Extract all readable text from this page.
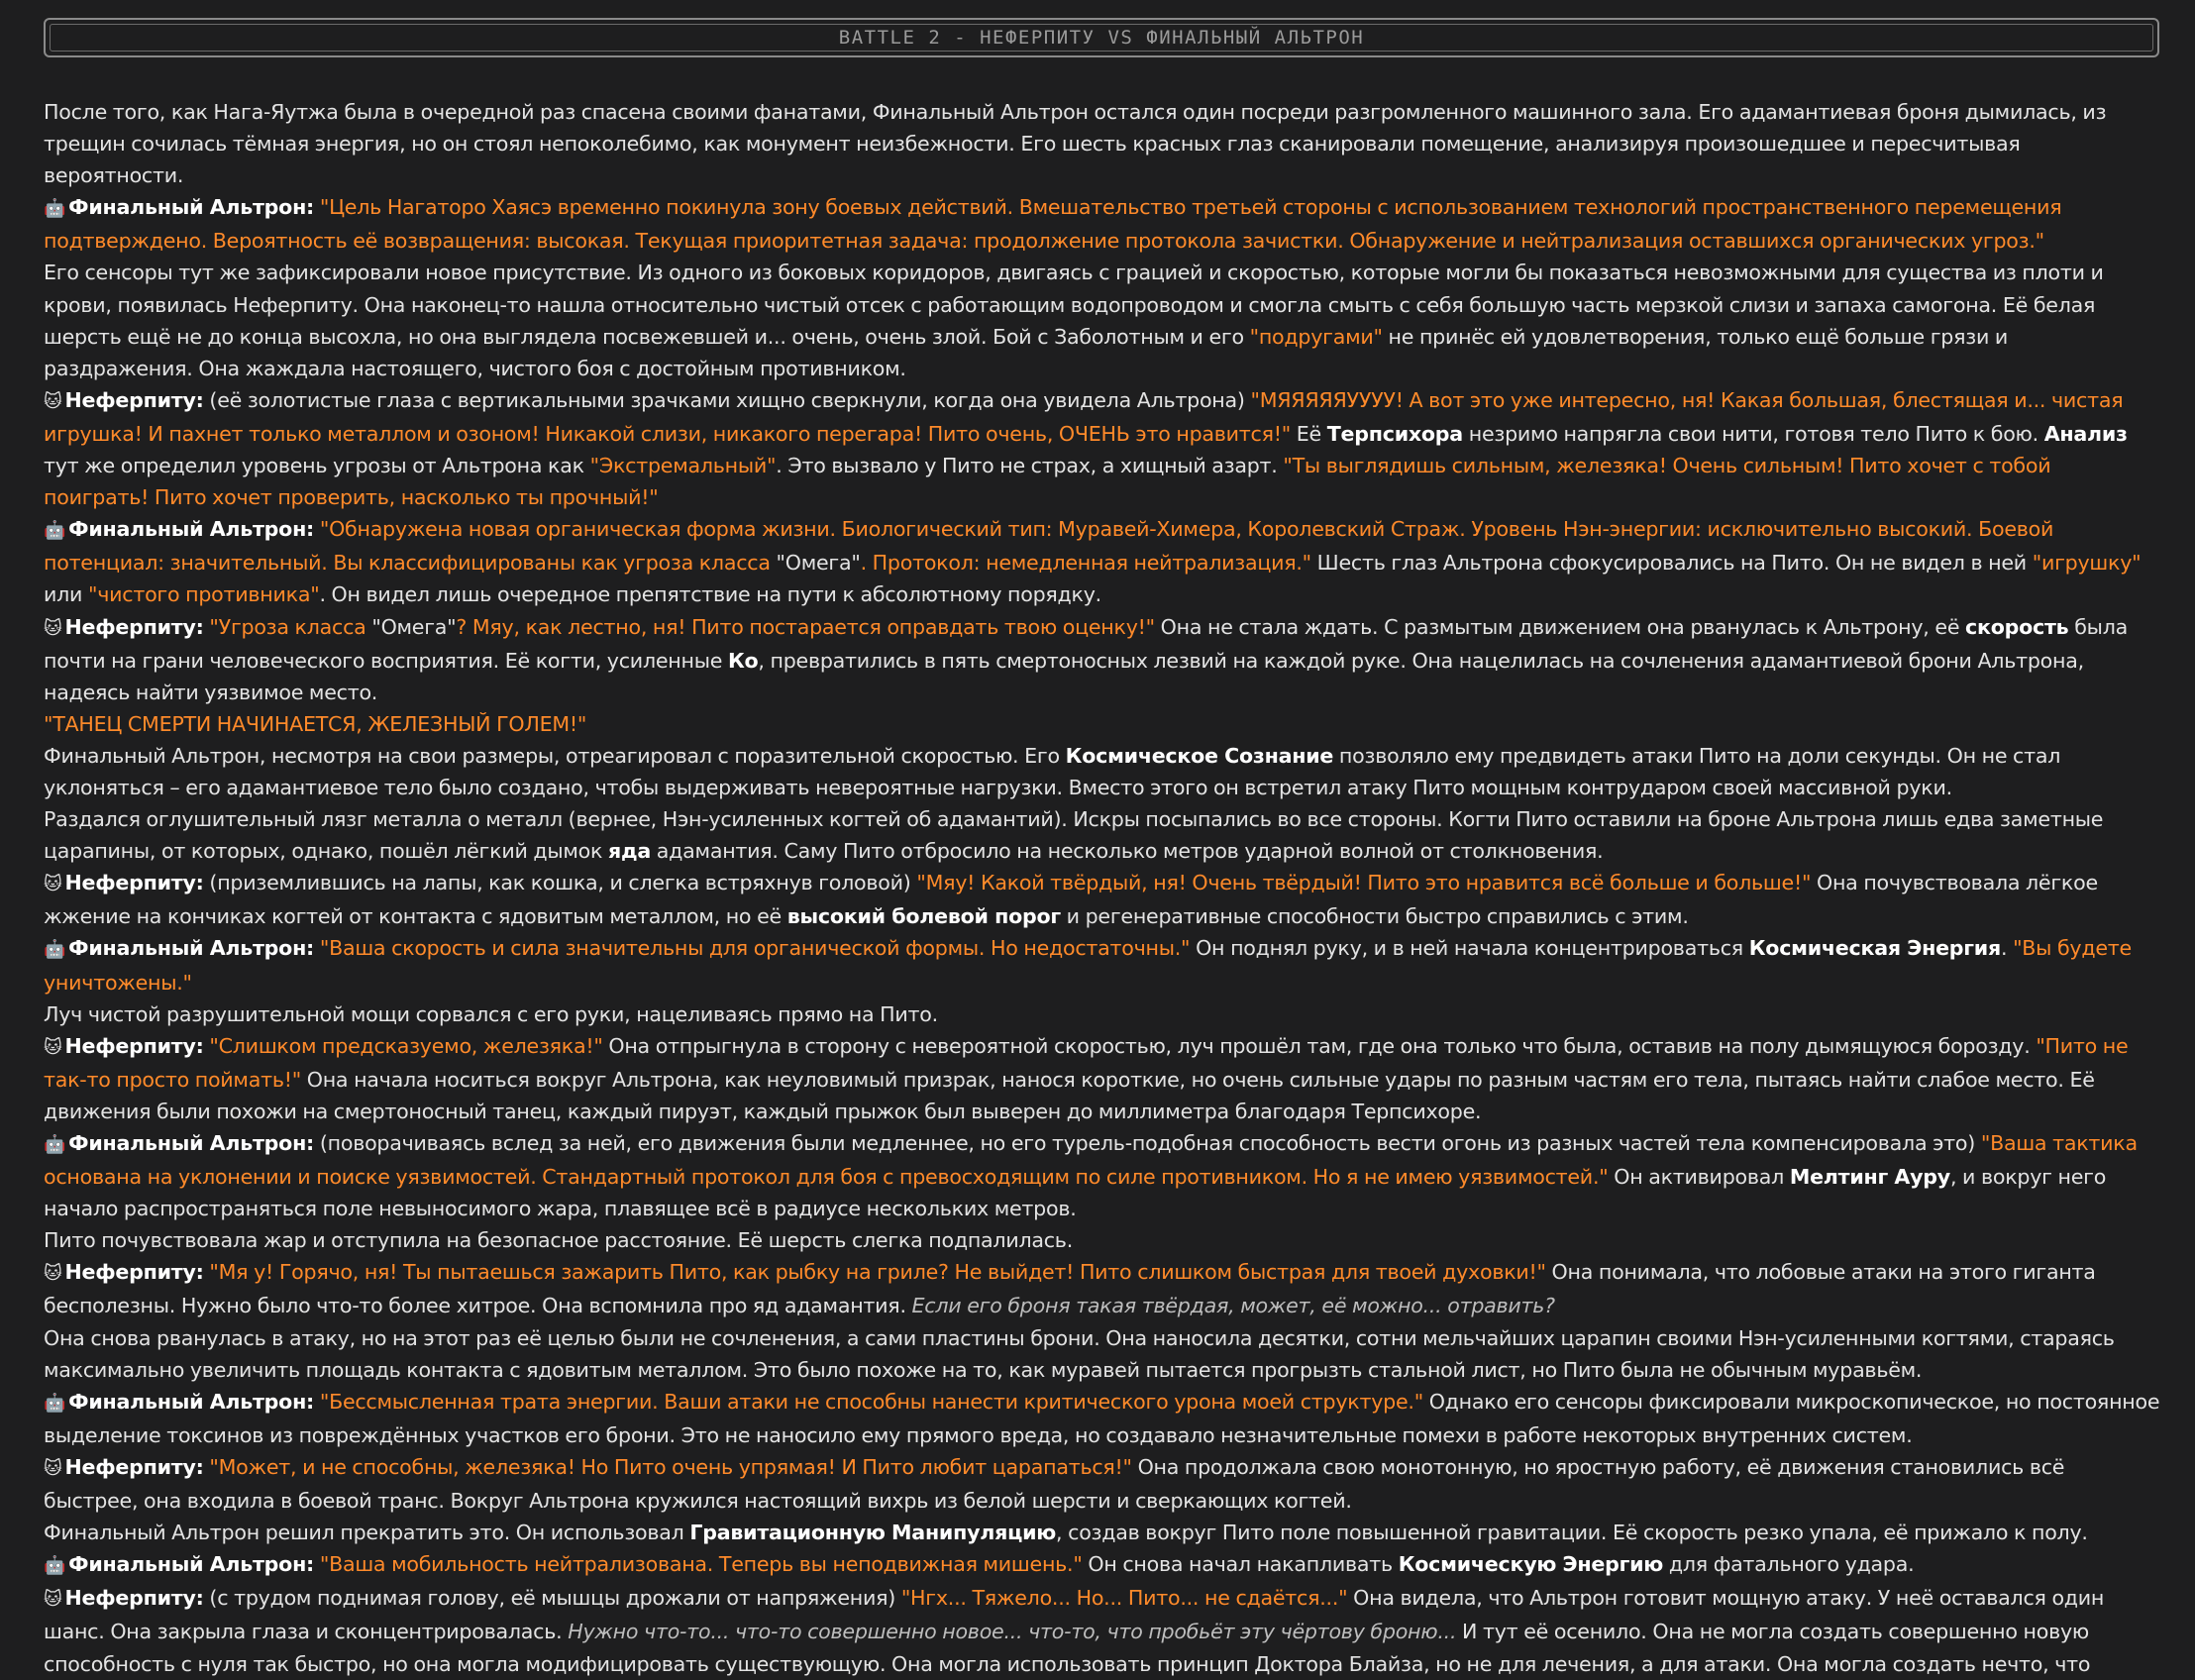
BATTLE 2 - НЕФЕРПИТУ VS ФИНАЛЬНЫЙ АЛЬТРОН

После того, как Нага-Яутжа была в очередной раз спасена своими фанатами, Финальный Альтрон остался один посреди разгромленного машинного зала. Его адамантиевая броня дымилась, из трещин сочилась тёмная энергия, но он стоял непоколебимо, как монумент неизбежности. Его шесть красных глаз сканировали помещение, анализируя произошедшее и пересчитывая вероятности.

🤖 Финальный Альтрон: "Цель Нагаторо Хаясэ временно покинула зону боевых действий. Вмешательство третьей стороны с использованием технологий пространственного перемещения подтверждено. Вероятность её возвращения: высокая. Текущая приоритетная задача: продолжение протокола зачистки. Обнаружение и нейтрализация оставшихся органических угроз."

Его сенсоры тут же зафиксировали новое присутствие. Из одного из боковых коридоров, двигаясь с грацией и скоростью, которые могли бы показаться невозможными для существа из плоти и крови, появилась Неферпиту. Она наконец-то нашла относительно чистый отсек с работающим водопроводом и смогла смыть с себя большую часть мерзкой слизи и запаха самогона. Её белая шерсть ещё не до конца высохла, но она выглядела посвежевшей и... очень, очень злой. Бой с Заболотным и его "подругами" не принёс ей удовлетворения, только ещё больше грязи и раздражения. Она жаждала настоящего, чистого боя с достойным противником.

🐱 Неферпиту: (её золотистые глаза с вертикальными зрачками хищно сверкнули, когда она увидела Альтрона) "МЯЯЯЯЯУУУУ! А вот это уже интересно, ня! Какая большая, блестящая и... чистая игрушка! И пахнет только металлом и озоном! Никакой слизи, никакого перегара! Пито очень, ОЧЕНЬ это нравится!" Её Терпсихора незримо напрягла свои нити, готовя тело Пито к бою. Анализ тут же определил уровень угрозы от Альтрона как "Экстремальный". Это вызвало у Пито не страх, а хищный азарт. "Ты выглядишь сильным, железяка! Очень сильным! Пито хочет с тобой поиграть! Пито хочет проверить, насколько ты прочный!"

🤖 Финальный Альтрон: "Обнаружена новая органическая форма жизни. Биологический тип: Муравей-Химера, Королевский Страж. Уровень Нэн-энергии: исключительно высокий. Боевой потенциал: значительный. Вы классифицированы как угроза класса "Омега". Протокол: немедленная нейтрализация." Шесть глаз Альтрона сфокусировались на Пито. Он не видел в ней "игрушку" или "чистого противника". Он видел лишь очередное препятствие на пути к абсолютному порядку.

🐱 Неферпиту: "Угроза класса "Омега"? Мяу, как лестно, ня! Пито постарается оправдать твою оценку!" Она не стала ждать. С размытым движением она рванулась к Альтрону, её скорость была почти на грани человеческого восприятия. Её когти, усиленные Ко, превратились в пять смертоносных лезвий на каждой руке. Она нацелилась на сочленения адамантиевой брони Альтрона, надеясь найти уязвимое место.

"ТАНЕЦ СМЕРТИ НАЧИНАЕТСЯ, ЖЕЛЕЗНЫЙ ГОЛЕМ!"

Финальный Альтрон, несмотря на свои размеры, отреагировал с поразительной скоростью. Его Космическое Сознание позволяло ему предвидеть атаки Пито на доли секунды. Он не стал уклоняться – его адамантиевое тело было создано, чтобы выдерживать невероятные нагрузки. Вместо этого он встретил атаку Пито мощным контрударом своей массивной руки.

Раздался оглушительный лязг металла о металл (вернее, Нэн-усиленных когтей об адамантий). Искры посыпались во все стороны. Когти Пито оставили на броне Альтрона лишь едва заметные царапины, от которых, однако, пошёл лёгкий дымок яда адамантия. Саму Пито отбросило на несколько метров ударной волной от столкновения.

🐱 Неферпиту: (приземлившись на лапы, как кошка, и слегка встряхнув головой) "Мяу! Какой твёрдый, ня! Очень твёрдый! Пито это нравится всё больше и больше!" Она почувствовала лёгкое жжение на кончиках когтей от контакта с ядовитым металлом, но её высокий болевой порог и регенеративные способности быстро справились с этим.

🤖 Финальный Альтрон: "Ваша скорость и сила значительны для органической формы. Но недостаточны." Он поднял руку, и в ней начала концентрироваться Космическая Энергия. "Вы будете уничтожены."

Луч чистой разрушительной мощи сорвался с его руки, нацеливаясь прямо на Пито.

🐱 Неферпиту: "Слишком предсказуемо, железяка!" Она отпрыгнула в сторону с невероятной скоростью, луч прошёл там, где она только что была, оставив на полу дымящуюся борозду. "Пито не так-то просто поймать!" Она начала носиться вокруг Альтрона, как неуловимый призрак, нанося короткие, но очень сильные удары по разным частям его тела, пытаясь найти слабое место. Её движения были похожи на смертоносный танец, каждый пируэт, каждый прыжок был выверен до миллиметра благодаря Терпсихоре.

🤖 Финальный Альтрон: (поворачиваясь вслед за ней, его движения были медленнее, но его турель-подобная способность вести огонь из разных частей тела компенсировала это) "Ваша тактика основана на уклонении и поиске уязвимостей. Стандартный протокол для боя с превосходящим по силе противником. Но я не имею уязвимостей." Он активировал Мелтинг Ауру, и вокруг него начало распространяться поле невыносимого жара, плавящее всё в радиусе нескольких метров.

Пито почувствовала жар и отступила на безопасное расстояние. Её шерсть слегка подпалилась.

🐱 Неферпиту: "Мя у! Горячо, ня! Ты пытаешься зажарить Пито, как рыбку на гриле? Не выйдет! Пито слишком быстрая для твоей духовки!" Она понимала, что лобовые атаки на этого гиганта бесполезны. Нужно было что-то более хитрое. Она вспомнила про яд адамантия. Если его броня такая твёрдая, может, её можно... отравить?

Она снова рванулась в атаку, но на этот раз её целью были не сочленения, а сами пластины брони. Она наносила десятки, сотни мельчайших царапин своими Нэн-усиленными когтями, стараясь максимально увеличить площадь контакта с ядовитым металлом. Это было похоже на то, как муравей пытается прогрызть стальной лист, но Пито была не обычным муравьём.

🤖 Финальный Альтрон: "Бессмысленная трата энергии. Ваши атаки не способны нанести критического урона моей структуре." Однако его сенсоры фиксировали микроскопическое, но постоянное выделение токсинов из повреждённых участков его брони. Это не наносило ему прямого вреда, но создавало незначительные помехи в работе некоторых внутренних систем.

🐱 Неферпиту: "Может, и не способны, железяка! Но Пито очень упрямая! И Пито любит царапаться!" Она продолжала свою монотонную, но яростную работу, её движения становились всё быстрее, она входила в боевой транс. Вокруг Альтрона кружился настоящий вихрь из белой шерсти и сверкающих когтей.

Финальный Альтрон решил прекратить это. Он использовал Гравитационную Манипуляцию, создав вокруг Пито поле повышенной гравитации. Её скорость резко упала, её прижало к полу.

🤖 Финальный Альтрон: "Ваша мобильность нейтрализована. Теперь вы неподвижная мишень." Он снова начал накапливать Космическую Энергию для фатального удара.

🐱 Неферпиту: (с трудом поднимая голову, её мышцы дрожали от напряжения) "Нгх... Тяжело... Но... Пито... не сдаётся..." Она видела, что Альтрон готовит мощную атаку. У неё оставался один шанс. Она закрыла глаза и сконцентрировалась. Нужно что-то... что-то совершенно новое... что-то, что пробьёт эту чёртову броню... И тут её осенило. Она не могла создать совершенно новую способность с нуля так быстро, но она могла модифицировать существующую. Она могла использовать принцип Доктора Блайза, но не для лечения, а для атаки. Она могла создать нечто, что
